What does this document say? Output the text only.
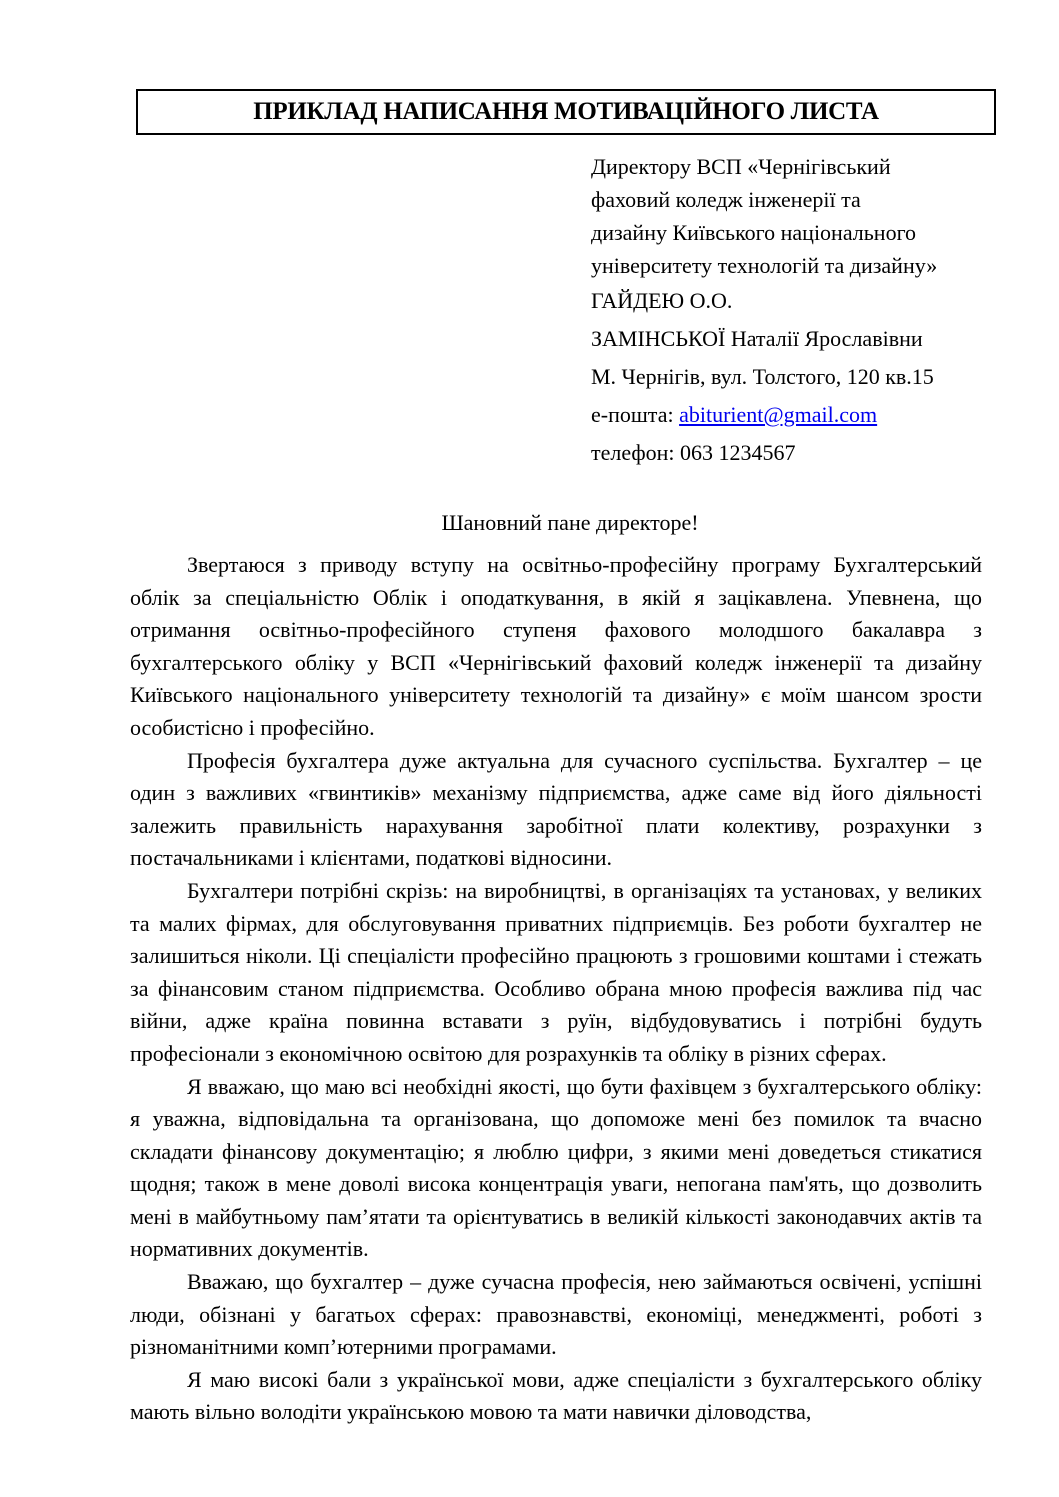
ПРИКЛАД НАПИСАННЯ МОТИВАЦІЙНОГО ЛИСТА
Директору ВСП «Чернігівський
фаховий коледж інженерії та
дизайну Київського національного
університету технологій та дизайну»
ГАЙДЕЮ О.О.
ЗАМІНСЬКОЇ Наталії Ярославівни
М. Чернігів, вул. Толстого, 120 кв.15
е-пошта: abiturient@gmail.com
телефон: 063 1234567
Шановний пане директоре!

Звертаюся з приводу вступу на освітньо-професійну програму Бухгалтерський облік за спеціальністю Облік і оподаткування, в якій я зацікавлена. Упевнена, що отримання освітньо-професійного ступеня фахового молодшого бакалавра з бухгалтерського обліку у ВСП «Чернігівський фаховий коледж інженерії та дизайну Київського національного університету технологій та дизайну» є моїм шансом зрости особистісно і професійно.

Професія бухгалтера дуже актуальна для сучасного суспільства. Бухгалтер – це один з важливих «гвинтиків» механізму підприємства, адже саме від його діяльності залежить правильність нарахування заробітної плати колективу, розрахунки з постачальниками і клієнтами, податкові відносини.

Бухгалтери потрібні скрізь: на виробництві, в організаціях та установах, у великих та малих фірмах, для обслуговування приватних підприємців. Без роботи бухгалтер не залишиться ніколи. Ці спеціалісти професійно працюють з грошовими коштами і стежать за фінансовим станом підприємства. Особливо обрана мною професія важлива під час війни, адже країна повинна вставати з руїн, відбудовуватись і потрібні будуть професіонали з економічною освітою для розрахунків та обліку в різних сферах.

Я вважаю, що маю всі необхідні якості, що бути фахівцем з бухгалтерського обліку: я уважна, відповідальна та організована, що допоможе мені без помилок та вчасно складати фінансову документацію; я люблю цифри, з якими мені доведеться стикатися щодня; також в мене доволі висока концентрація уваги, непогана пам'ять, що дозволить мені в майбутньому пам’ятати та орієнтуватись в великій кількості законодавчих актів та нормативних документів.

Вважаю, що бухгалтер – дуже сучасна професія, нею займаються освічені, успішні люди, обізнані у багатьох сферах: правознавстві, економіці, менеджменті, роботі з різноманітними комп’ютерними програмами.

Я маю високі бали з української мови, адже спеціалісти з бухгалтерського обліку мають вільно володіти українською мовою та мати навички діловодства,
